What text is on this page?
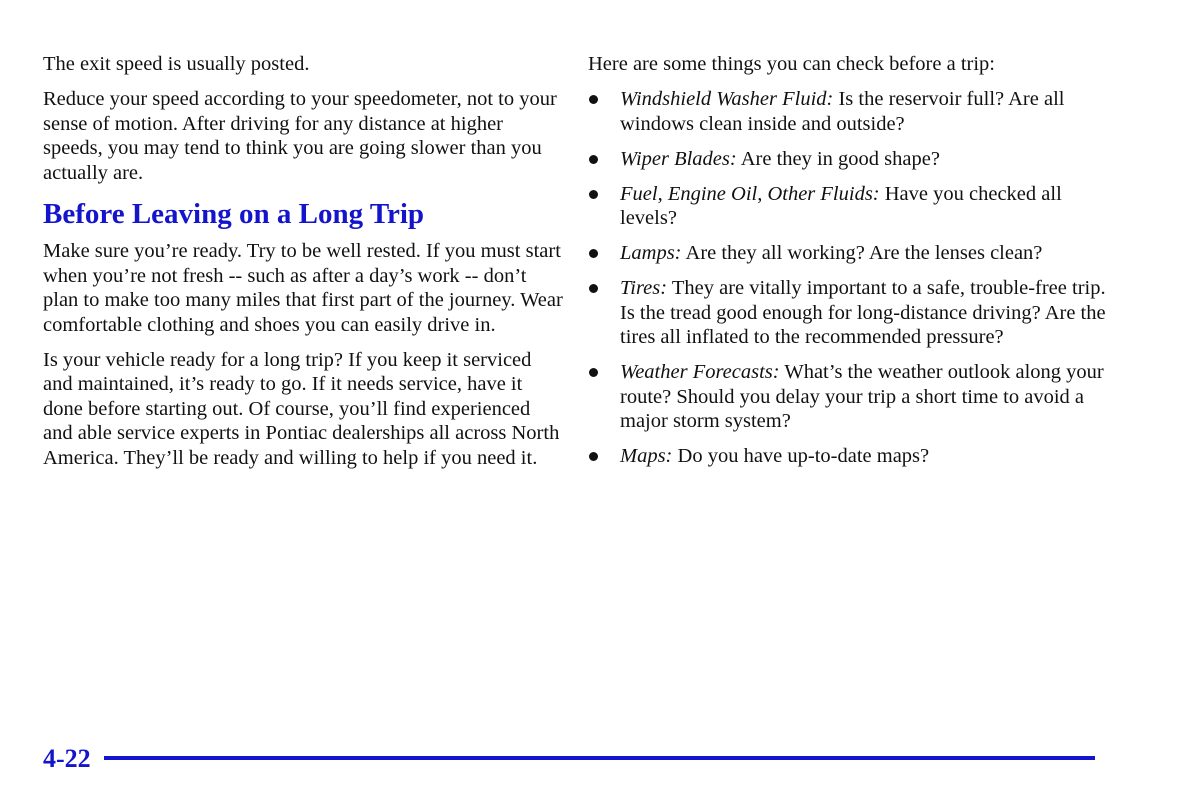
The exit speed is usually posted.

Reduce your speed according to your speedometer, not to your sense of motion. After driving for any distance at higher speeds, you may tend to think you are going slower than you actually are.

Before Leaving on a Long Trip

Make sure you’re ready. Try to be well rested. If you must start when you’re not fresh -- such as after a day’s work -- don’t plan to make too many miles that first part of the journey. Wear comfortable clothing and shoes you can easily drive in.

Is your vehicle ready for a long trip? If you keep it serviced and maintained, it’s ready to go. If it needs service, have it done before starting out. Of course, you’ll find experienced and able service experts in Pontiac dealerships all across North America. They’ll be ready and willing to help if you need it.

Here are some things you can check before a trip:

Windshield Washer Fluid: Is the reservoir full? Are all windows clean inside and outside?
Wiper Blades: Are they in good shape?
Fuel, Engine Oil, Other Fluids: Have you checked all levels?
Lamps: Are they all working? Are the lenses clean?
Tires: They are vitally important to a safe, trouble-free trip. Is the tread good enough for long-distance driving? Are the tires all inflated to the recommended pressure?
Weather Forecasts: What’s the weather outlook along your route? Should you delay your trip a short time to avoid a major storm system?
Maps: Do you have up-to-date maps?
4-22
